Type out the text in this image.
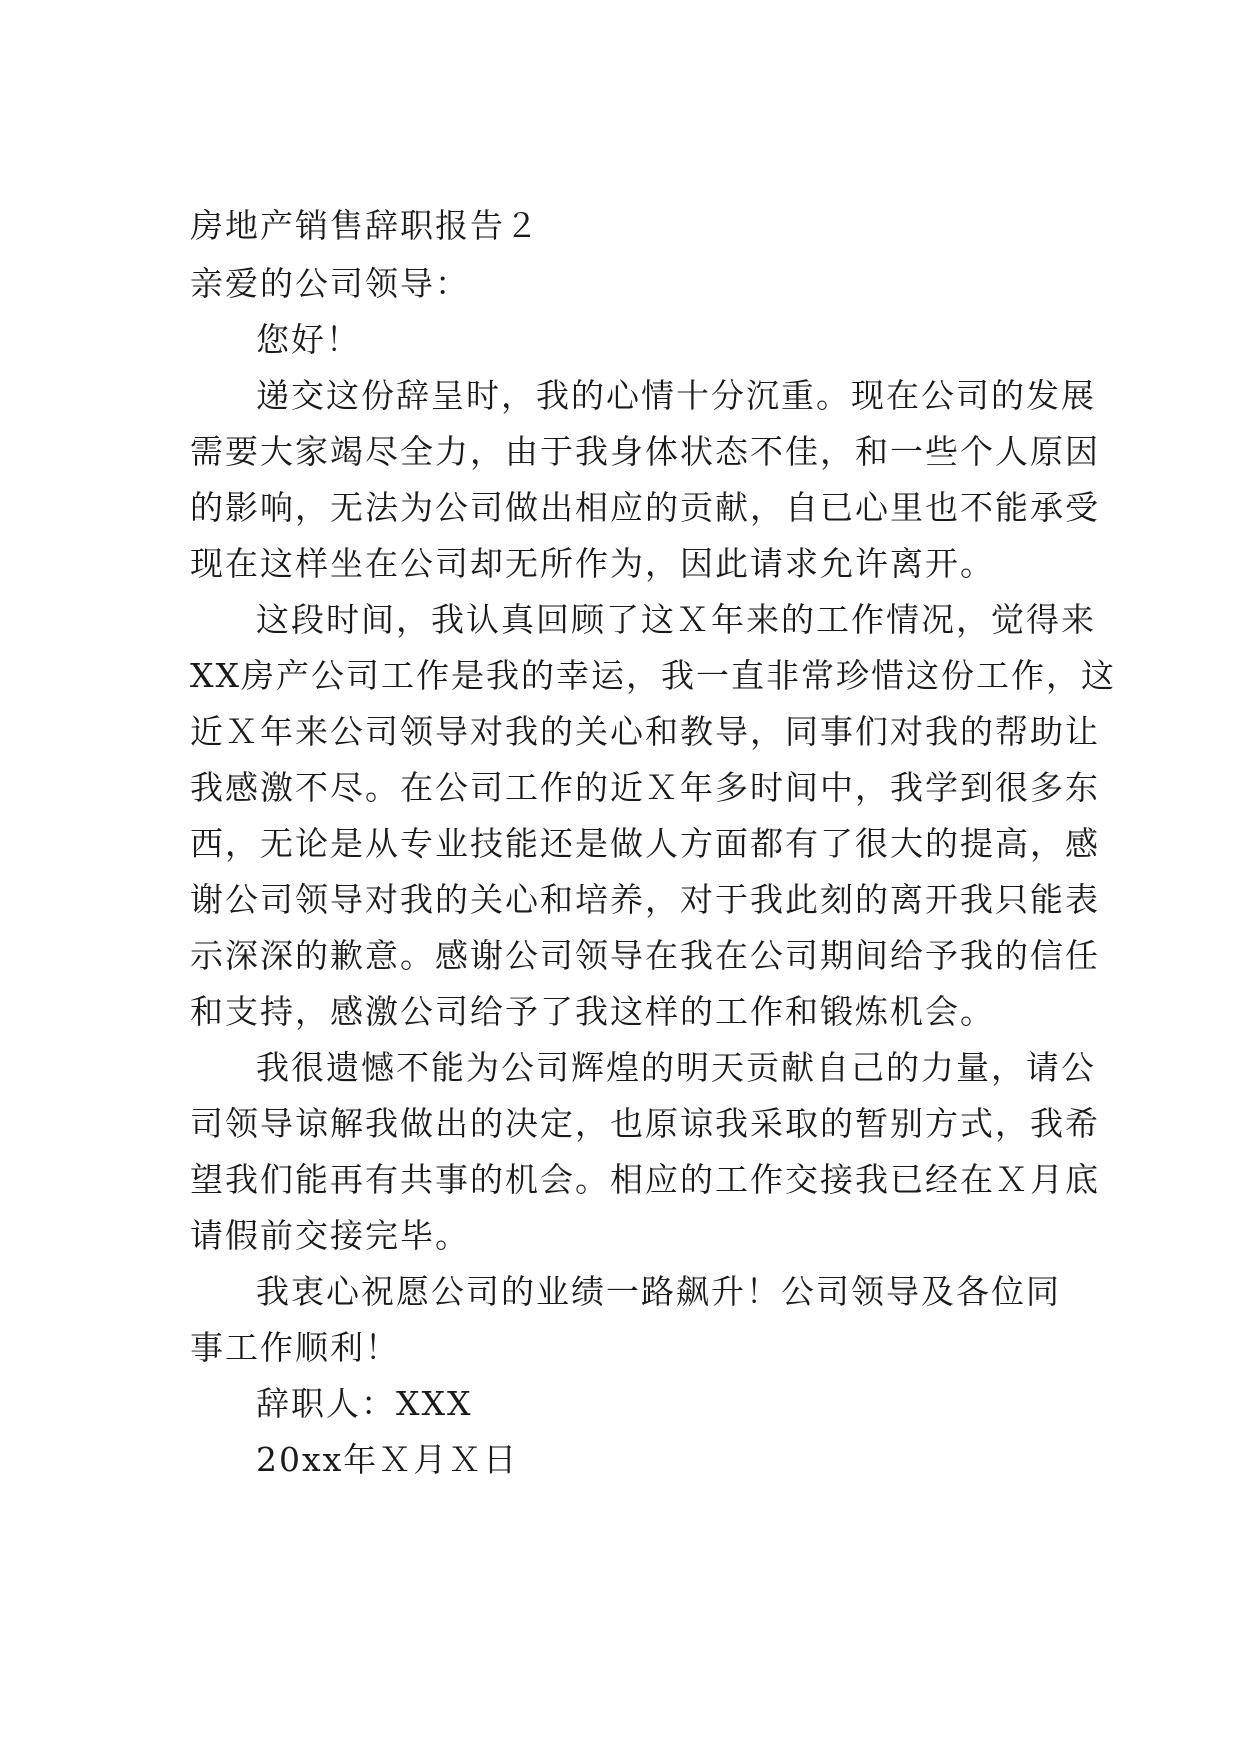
房地产销售辞职报告２
亲爱的公司领导：
您好！
递交这份辞呈时，我的心情十分沉重。现在公司的发展
需要大家竭尽全力，由于我身体状态不佳，和一些个人原因
的影响，无法为公司做出相应的贡献，自已心里也不能承受
现在这样坐在公司却无所作为，因此请求允许离开。
这段时间，我认真回顾了这Ｘ年来的工作情况，觉得来
XX房产公司工作是我的幸运，我一直非常珍惜这份工作，这
近Ｘ年来公司领导对我的关心和教导，同事们对我的帮助让
我感激不尽。在公司工作的近Ｘ年多时间中，我学到很多东
西，无论是从专业技能还是做人方面都有了很大的提高，感
谢公司领导对我的关心和培养，对于我此刻的离开我只能表
示深深的歉意。感谢公司领导在我在公司期间给予我的信任
和支持，感激公司给予了我这样的工作和锻炼机会。
我很遗憾不能为公司辉煌的明天贡献自己的力量，请公
司领导谅解我做出的决定，也原谅我采取的暂别方式，我希
望我们能再有共事的机会。相应的工作交接我已经在Ｘ月底
请假前交接完毕。
我衷心祝愿公司的业绩一路飙升！公司领导及各位同
事工作顺利！
辞职人：XXX
20xx年Ｘ月Ｘ日
